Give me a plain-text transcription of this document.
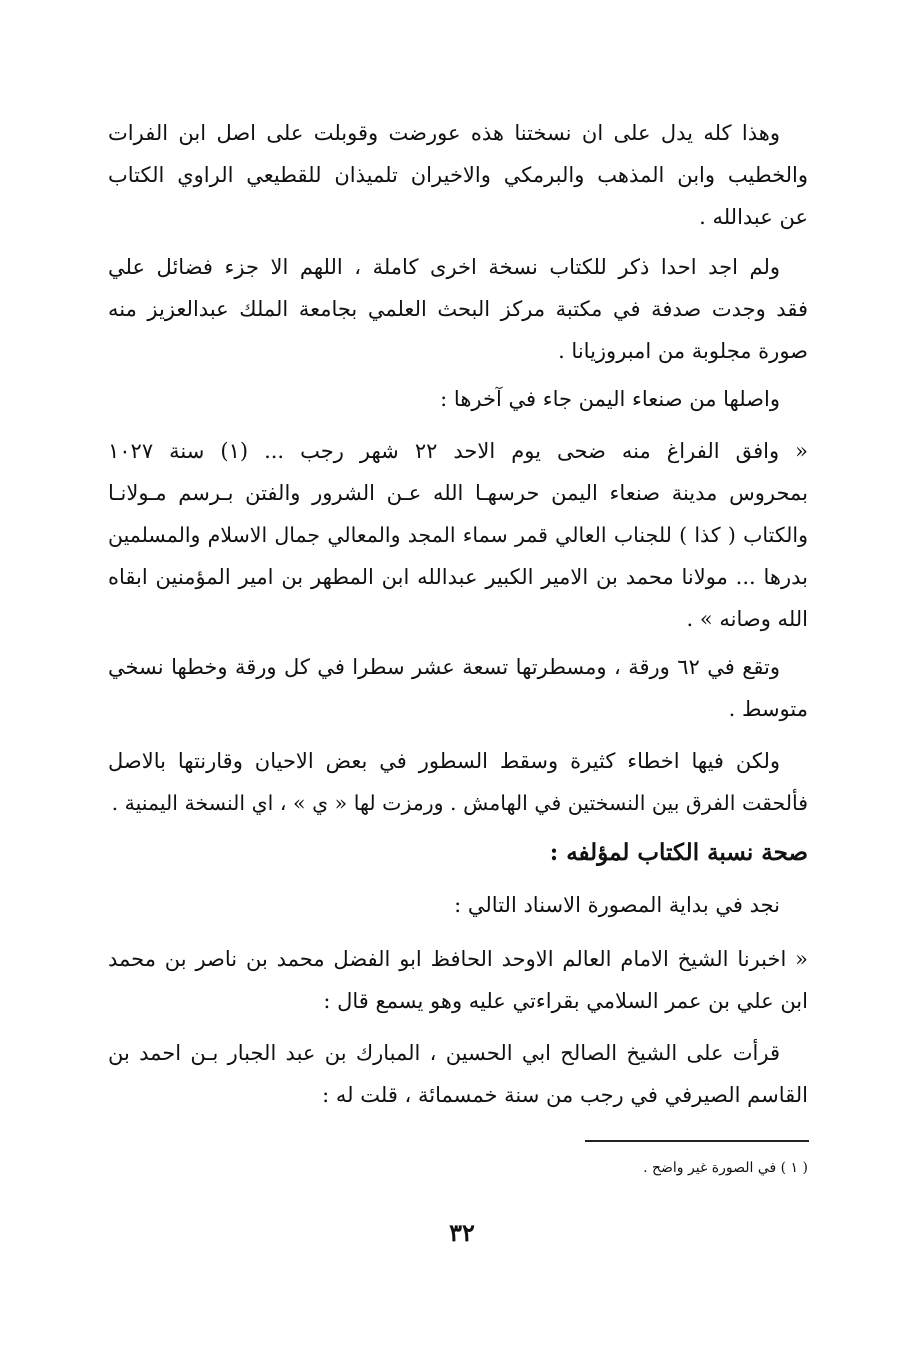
وهذا كله يدل على ان نسختنا هذه عورضت وقوبلت على اصل ابن الفرات
والخطيب وابن المذهب والبرمكي والاخيران تلميذان للقطيعي الراوي الكتاب
عن عبدالله .
ولم اجد احدا ذكر للكتاب نسخة اخرى كاملة ، اللهم الا جزء فضائل علي
فقد وجدت صدفة في مكتبة مركز البحث العلمي بجامعة الملك عبدالعزيز منه
صورة مجلوبة من امبروزيانا .
واصلها من صنعاء اليمن جاء في آخرها :
« وافق الفراغ منه ضحى يوم الاحد ٢٢ شهر رجب ... (١) سنة ١٠٢٧
بمحروس مدينة صنعاء اليمن حرسهـا الله عـن الشرور والفتن بـرسم مـولانـا
والكتاب ( كذا ) للجناب العالي قمر سماء المجد والمعالي جمال الاسلام والمسلمين
بدرها ... مولانا محمد بن الامير الكبير عبدالله ابن المطهر بن امير المؤمنين ابقاه
الله وصانه » .
وتقع في ٦٢ ورقة ، ومسطرتها تسعة عشر سطرا في كل ورقة وخطها نسخي
متوسط .
ولكن فيها اخطاء كثيرة وسقط السطور في بعض الاحيان وقارنتها بالاصل
فألحقت الفرق بين النسختين في الهامش . ورمزت لها « ي » ، اي النسخة اليمنية .
صحة نسبة الكتاب لمؤلفه :
نجد في بداية المصورة الاسناد التالي :
« اخبرنا الشيخ الامام العالم الاوحد الحافظ ابو الفضل محمد بن ناصر بن محمد
ابن علي بن عمر السلامي بقراءتي عليه وهو يسمع قال :
قرأت على الشيخ الصالح ابي الحسين ، المبارك بن عبد الجبار بـن احمد بن
القاسم الصيرفي في رجب من سنة خمسمائة ، قلت له :
( ١ ) في الصورة غير واضح .
٣٢
